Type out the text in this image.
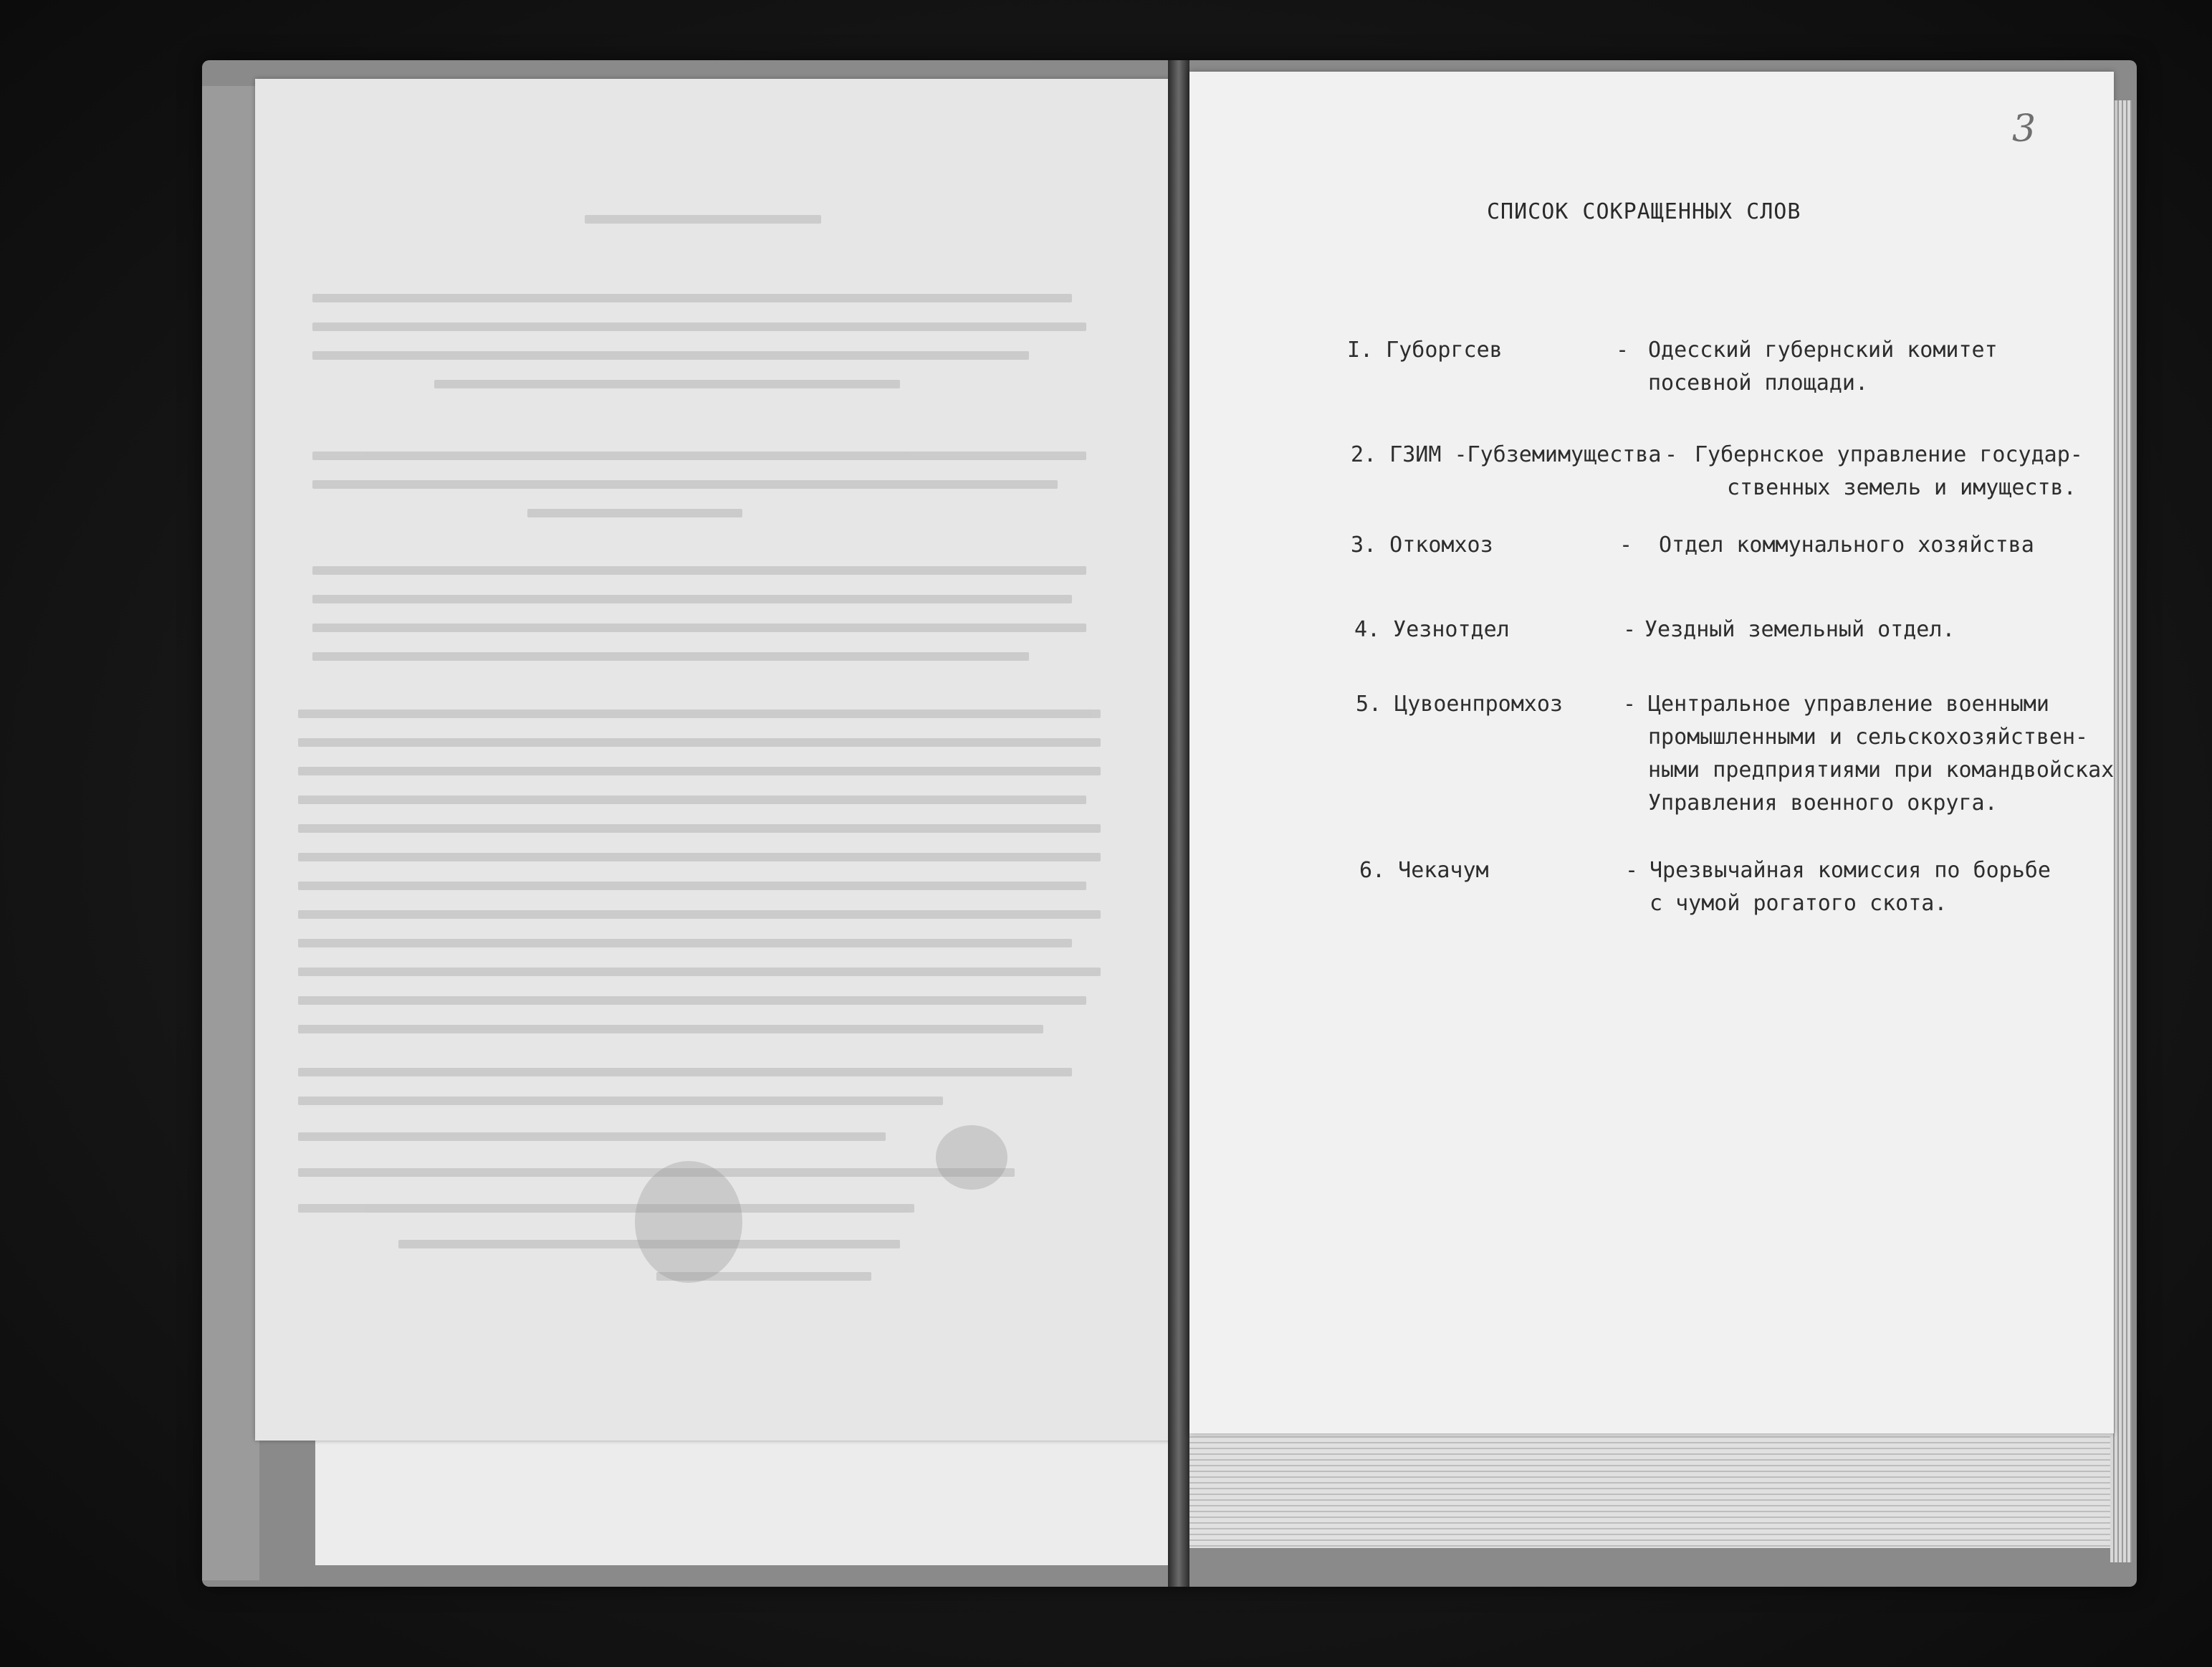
3
СПИСОК СОКРАЩЕННЫХ СЛОВ
I. Губоргсев	- Одесский губернский комитет
посевной площади.
2. ГЗИМ -Губземимущества - Губернское управление государ-
ственных земель и имуществ.
3. Откомхоз	- Отдел коммунального хозяйства
4. Уезнотдел	- Уездный земельный отдел.
5. Цувоенпромхоз	- Центральное управление военными
промышленными и сельскохозяйствен-
ными предприятиями при командвойсках
Управления военного округа.
6. Чекачум	- Чрезвычайная комиссия по борьбе
с чумой рогатого скота.
